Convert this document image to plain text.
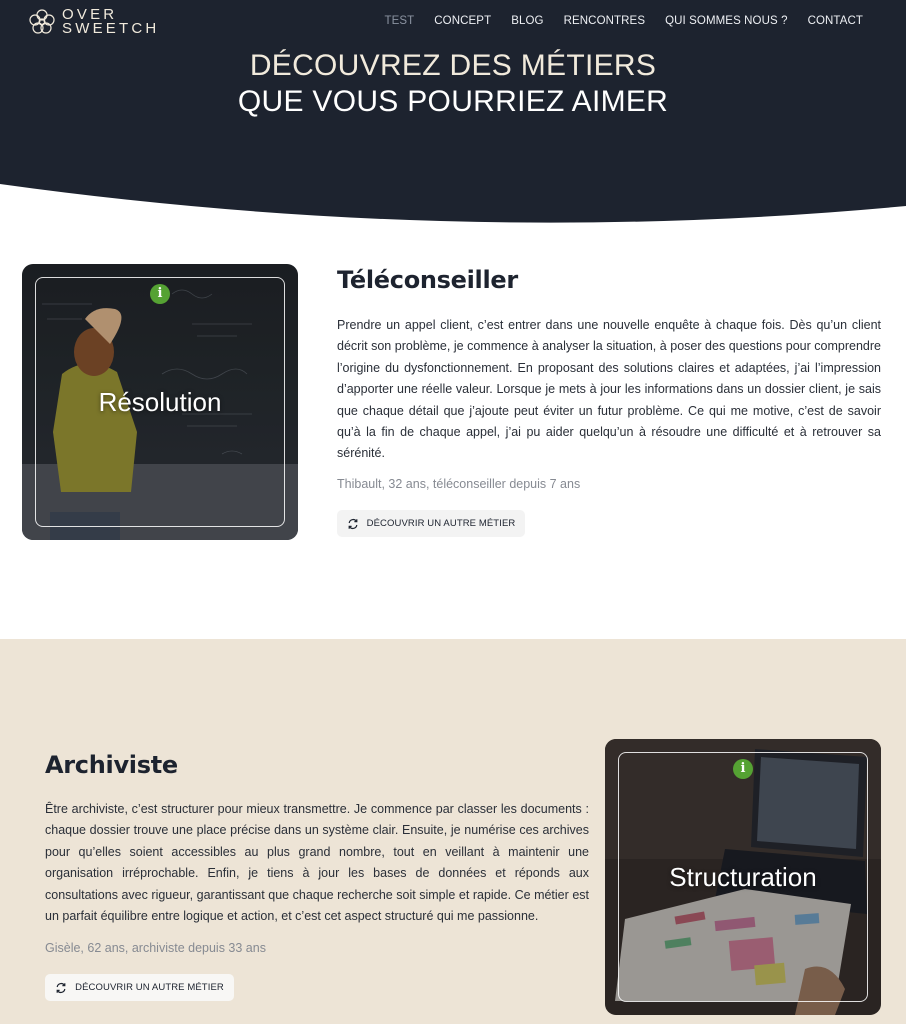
OVER
SWEETCH	TEST CONCEPT BLOG RENCONTRES QUI SOMMES NOUS ? CONTACT
DÉCOUVREZ DES MÉTIERS
QUE VOUS POURRIEZ AIMER
i
Résolution
Téléconseiller

Prendre un appel client, c’est entrer dans une nouvelle enquête à chaque fois. Dès qu’un client décrit son problème, je commence à analyser la situation, à poser des questions pour comprendre l’origine du dysfonctionnement. En proposant des solutions claires et adaptées, j’ai l’impression d’apporter une réelle valeur. Lorsque je mets à jour les informations dans un dossier client, je sais que chaque détail que j’ajoute peut éviter un futur problème. Ce qui me motive, c’est de savoir qu’à la fin de chaque appel, j’ai pu aider quelqu’un à résoudre une difficulté et à retrouver sa sérénité.

Thibault, 32 ans, téléconseiller depuis 7 ans
DÉCOUVRIR UN AUTRE MÉTIER
Archiviste

Être archiviste, c’est structurer pour mieux transmettre. Je commence par classer les documents : chaque dossier trouve une place précise dans un système clair. Ensuite, je numérise ces archives pour qu’elles soient accessibles au plus grand nombre, tout en veillant à maintenir une organisation irréprochable. Enfin, je tiens à jour les bases de données et réponds aux consultations avec rigueur, garantissant que chaque recherche soit simple et rapide. Ce métier est un parfait équilibre entre logique et action, et c’est cet aspect structuré qui me passionne.

Gisèle, 62 ans, archiviste depuis 33 ans
DÉCOUVRIR UN AUTRE MÉTIER
i
Structuration
